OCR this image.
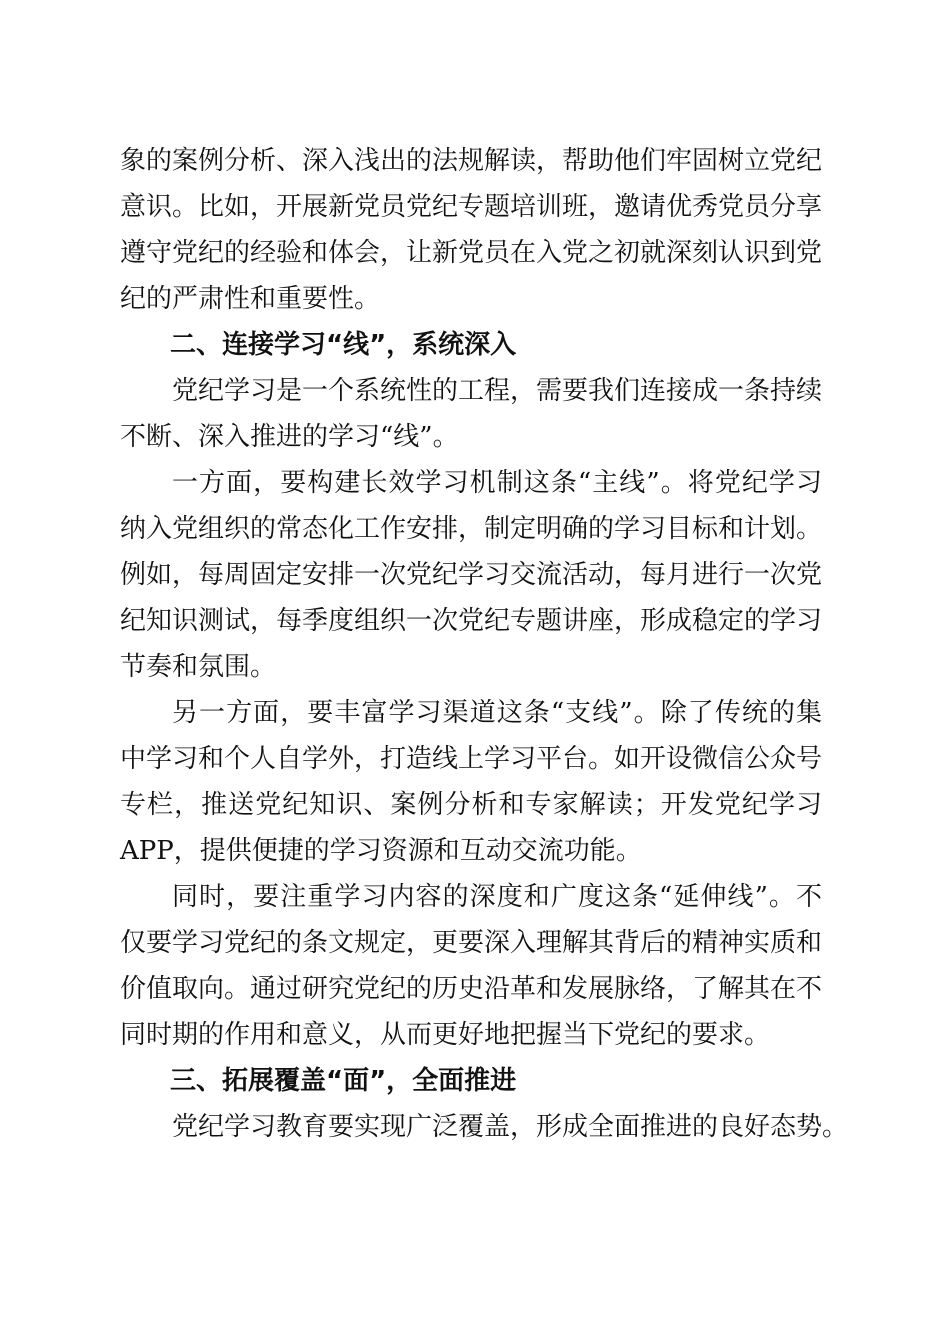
象的案例分析、深入浅出的法规解读，帮助他们牢固树立党纪
意识。比如，开展新党员党纪专题培训班，邀请优秀党员分享
遵守党纪的经验和体会，让新党员在入党之初就深刻认识到党
纪的严肃性和重要性。
二、连接学习“线”，系统深入
党纪学习是一个系统性的工程，需要我们连接成一条持续
不断、深入推进的学习“线”。
一方面，要构建长效学习机制这条“主线”。将党纪学习
纳入党组织的常态化工作安排，制定明确的学习目标和计划。
例如，每周固定安排一次党纪学习交流活动，每月进行一次党
纪知识测试，每季度组织一次党纪专题讲座，形成稳定的学习
节奏和氛围。
另一方面，要丰富学习渠道这条“支线”。除了传统的集
中学习和个人自学外，打造线上学习平台。如开设微信公众号
专栏，推送党纪知识、案例分析和专家解读；开发党纪学习
APP，提供便捷的学习资源和互动交流功能。
同时，要注重学习内容的深度和广度这条“延伸线”。不
仅要学习党纪的条文规定，更要深入理解其背后的精神实质和
价值取向。通过研究党纪的历史沿革和发展脉络，了解其在不
同时期的作用和意义，从而更好地把握当下党纪的要求。
三、拓展覆盖“面”，全面推进
党纪学习教育要实现广泛覆盖，形成全面推进的良好态势。
